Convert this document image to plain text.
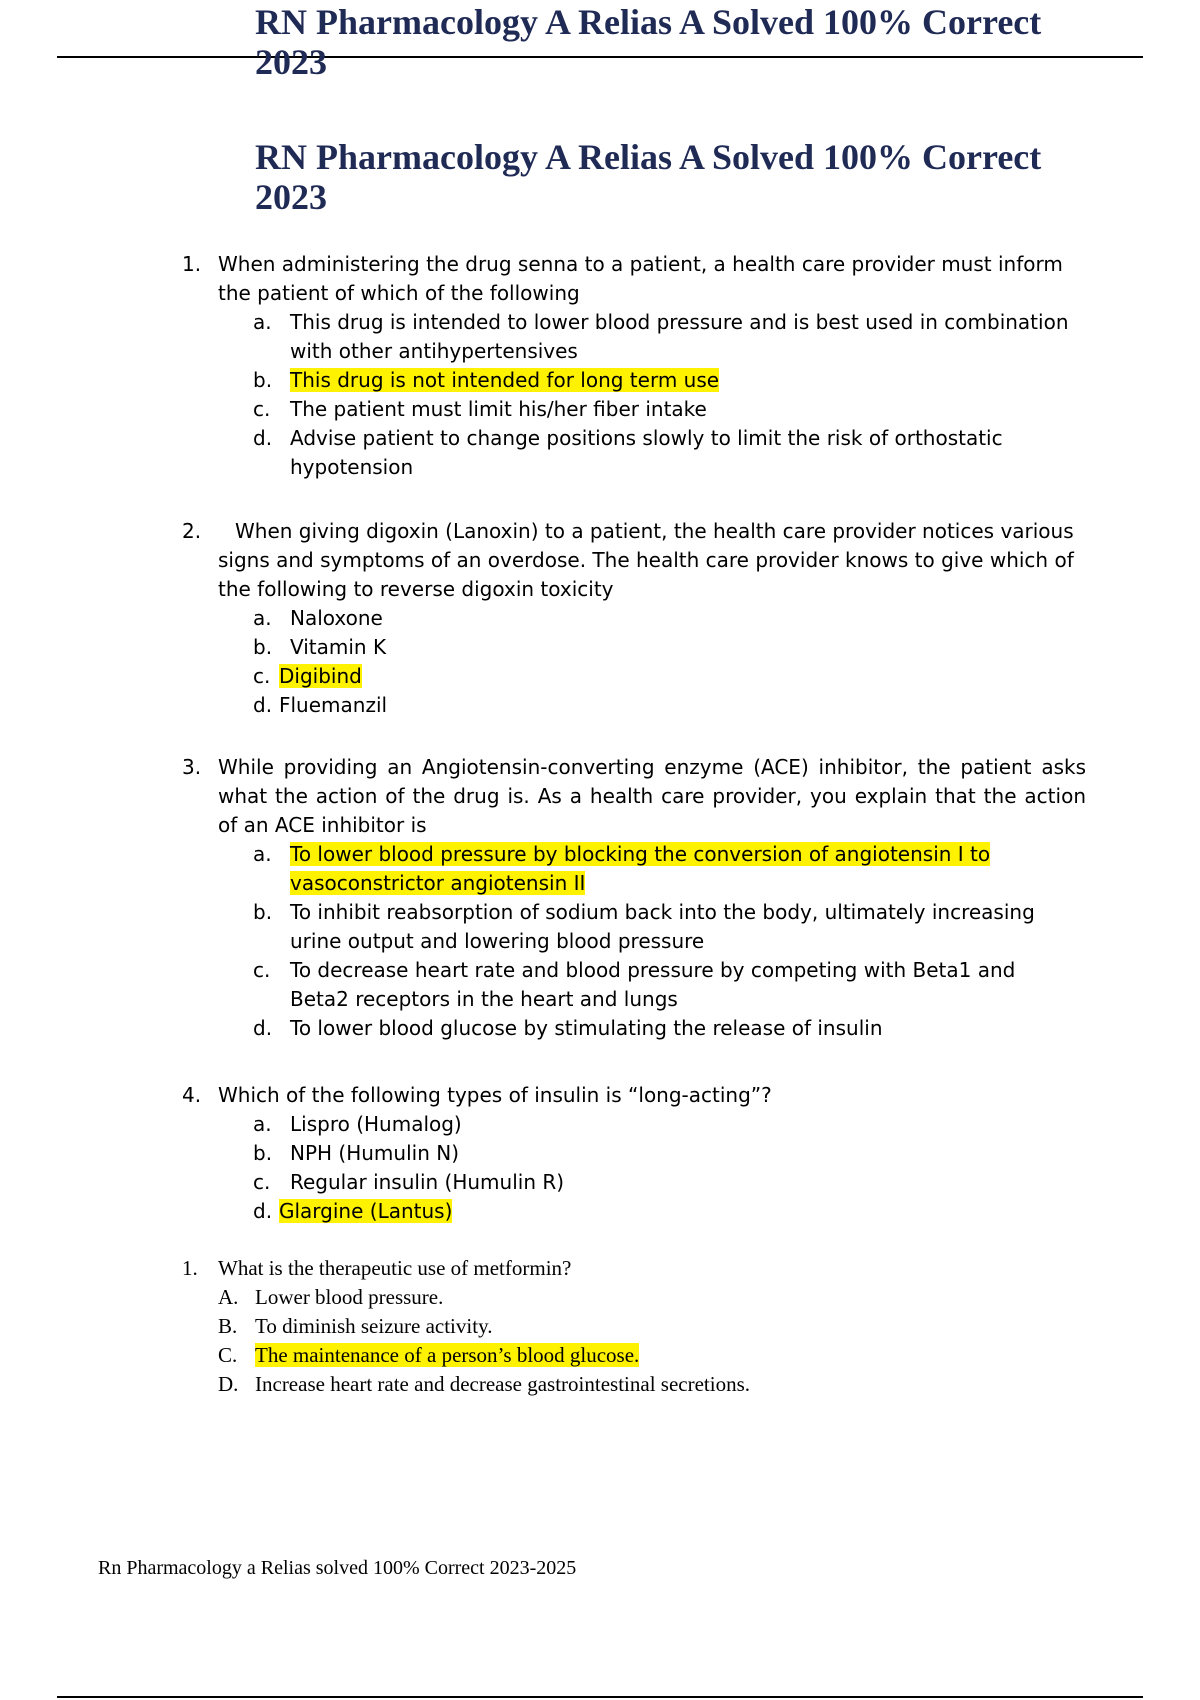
RN Pharmacology A Relias A Solved 100% Correct 2023
RN Pharmacology A Relias A Solved 100% Correct 2023
1. When administering the drug senna to a patient, a health care provider must inform the patient of which of the following
a. This drug is intended to lower blood pressure and is best used in combination with other antihypertensives
b. This drug is not intended for long term use
c. The patient must limit his/her fiber intake
d. Advise patient to change positions slowly to limit the risk of orthostatic hypotension
2.	When giving digoxin (Lanoxin) to a patient, the health care provider notices various signs and symptoms of an overdose. The health care provider knows to give which of the following to reverse digoxin toxicity
a. Naloxone
b. Vitamin K
c. Digibind
d. Fluemanzil
3. While providing an Angiotensin-converting enzyme (ACE) inhibitor, the patient asks what the action of the drug is. As a health care provider, you explain that the action of an ACE inhibitor is
a. To lower blood pressure by blocking the conversion of angiotensin I to vasoconstrictor angiotensin II
b. To inhibit reabsorption of sodium back into the body, ultimately increasing urine output and lowering blood pressure
c. To decrease heart rate and blood pressure by competing with Beta1 and Beta2 receptors in the heart and lungs
d. To lower blood glucose by stimulating the release of insulin
4. Which of the following types of insulin is “long-acting”?
a. Lispro (Humalog)
b. NPH (Humulin N)
c. Regular insulin (Humulin R)
d. Glargine (Lantus)
1. What is the therapeutic use of metformin?
A. Lower blood pressure.
B. To diminish seizure activity.
C. The maintenance of a person’s blood glucose.
D. Increase heart rate and decrease gastrointestinal secretions.
Rn Pharmacology a Relias solved 100% Correct 2023-2025
